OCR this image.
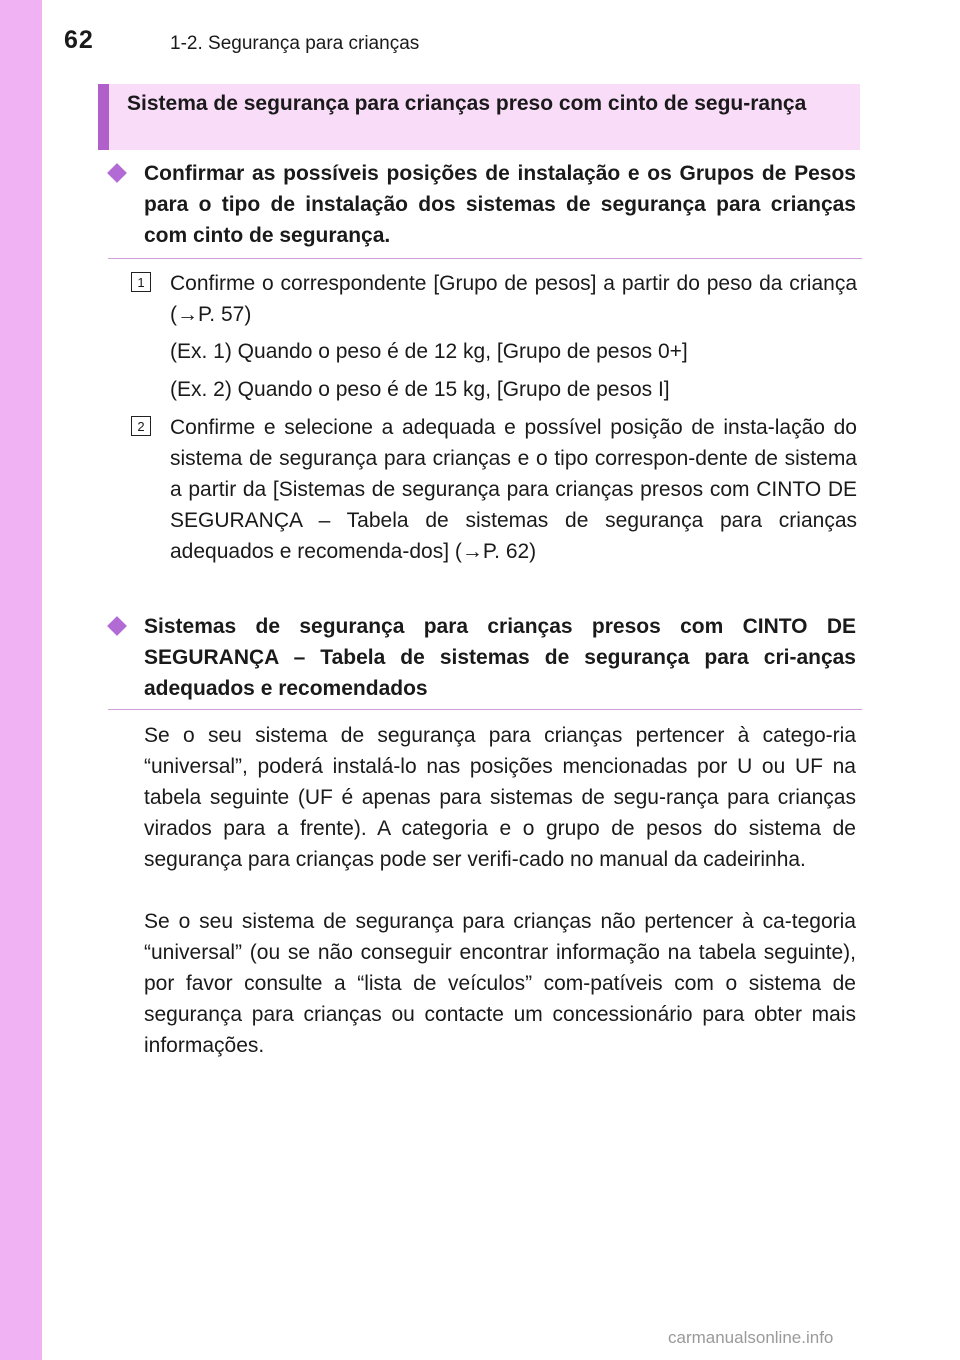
62	1-2. Segurança para crianças
Sistema de segurança para crianças preso com cinto de segu-rança
Confirmar as possíveis posições de instalação e os Grupos de Pesos para o tipo de instalação dos sistemas de segurança para crianças com cinto de segurança.
1	Confirme o correspondente [Grupo de pesos] a partir do peso da criança (→P. 57)
(Ex. 1) Quando o peso é de 12 kg, [Grupo de pesos 0+]
(Ex. 2) Quando o peso é de 15 kg, [Grupo de pesos I]
2	Confirme e selecione a adequada e possível posição de insta-lação do sistema de segurança para crianças e o tipo correspon-dente de sistema a partir da [Sistemas de segurança para crianças presos com CINTO DE SEGURANÇA – Tabela de sistemas de segurança para crianças adequados e recomenda-dos] (→P. 62)
Sistemas de segurança para crianças presos com CINTO DE SEGURANÇA – Tabela de sistemas de segurança para cri-anças adequados e recomendados
Se o seu sistema de segurança para crianças pertencer à catego-ria “universal”, poderá instalá-lo nas posições mencionadas por U ou UF na tabela seguinte (UF é apenas para sistemas de segu-rança para crianças virados para a frente). A categoria e o grupo de pesos do sistema de segurança para crianças pode ser verifi-cado no manual da cadeirinha.
Se o seu sistema de segurança para crianças não pertencer à ca-tegoria “universal” (ou se não conseguir encontrar informação na tabela seguinte), por favor consulte a “lista de veículos” com-patíveis com o sistema de segurança para crianças ou contacte um concessionário para obter mais informações.
carmanualsonline.info
